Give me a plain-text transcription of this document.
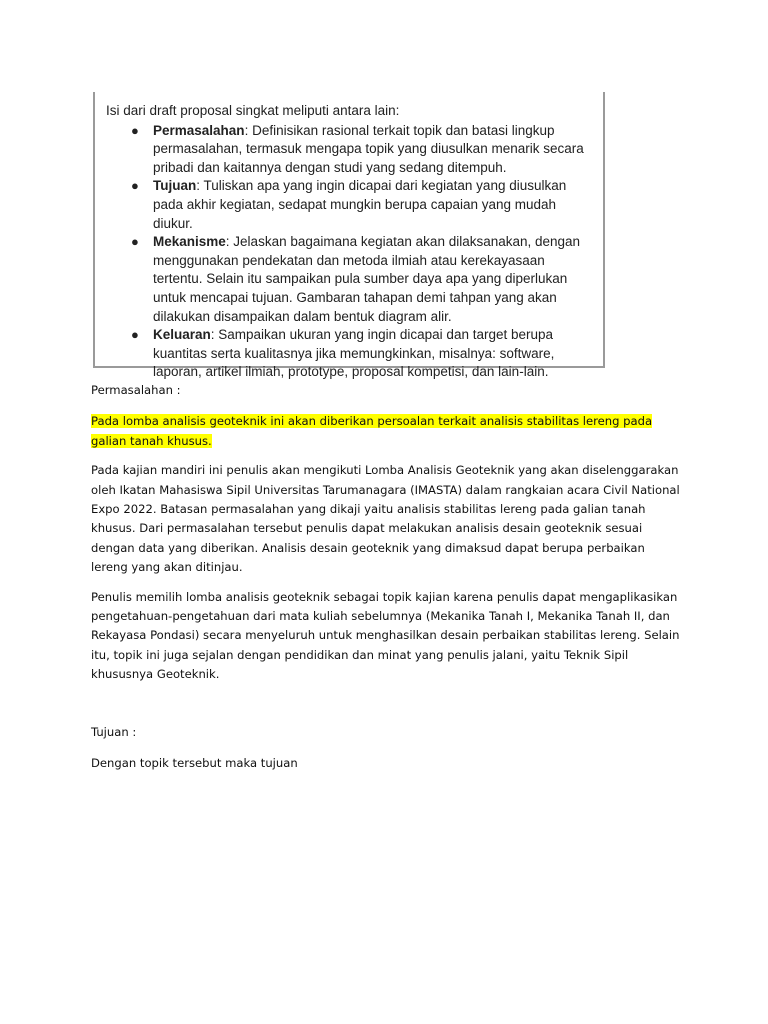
Isi dari draft proposal singkat meliputi antara lain:

● Permasalahan: Definisikan rasional terkait topik dan batasi lingkup permasalahan, termasuk mengapa topik yang diusulkan menarik secara pribadi dan kaitannya dengan studi yang sedang ditempuh.
● Tujuan: Tuliskan apa yang ingin dicapai dari kegiatan yang diusulkan pada akhir kegiatan, sedapat mungkin berupa capaian yang mudah diukur.
● Mekanisme: Jelaskan bagaimana kegiatan akan dilaksanakan, dengan menggunakan pendekatan dan metoda ilmiah atau kerekayasaan tertentu. Selain itu sampaikan pula sumber daya apa yang diperlukan untuk mencapai tujuan. Gambaran tahapan demi tahpan yang akan dilakukan disampaikan dalam bentuk diagram alir.
● Keluaran: Sampaikan ukuran yang ingin dicapai dan target berupa kuantitas serta kualitasnya jika memungkinkan, misalnya: software, laporan, artikel ilmiah, prototype, proposal kompetisi, dan lain-lain.

Permasalahan :

Pada lomba analisis geoteknik ini akan diberikan persoalan terkait analisis stabilitas lereng pada galian tanah khusus.

Pada kajian mandiri ini penulis akan mengikuti Lomba Analisis Geoteknik yang akan diselenggarakan oleh Ikatan Mahasiswa Sipil Universitas Tarumanagara (IMASTA) dalam rangkaian acara Civil National Expo 2022. Batasan permasalahan yang dikaji yaitu analisis stabilitas lereng pada galian tanah khusus. Dari permasalahan tersebut penulis dapat melakukan analisis desain geoteknik sesuai dengan data yang diberikan. Analisis desain geoteknik yang dimaksud dapat berupa perbaikan lereng yang akan ditinjau.

Penulis memilih lomba analisis geoteknik sebagai topik kajian karena penulis dapat mengaplikasikan pengetahuan-pengetahuan dari mata kuliah sebelumnya (Mekanika Tanah I, Mekanika Tanah II, dan Rekayasa Pondasi) secara menyeluruh untuk menghasilkan desain perbaikan stabilitas lereng. Selain itu, topik ini juga sejalan dengan pendidikan dan minat yang penulis jalani, yaitu Teknik Sipil khususnya Geoteknik.

Tujuan :

Dengan topik tersebut maka tujuan
